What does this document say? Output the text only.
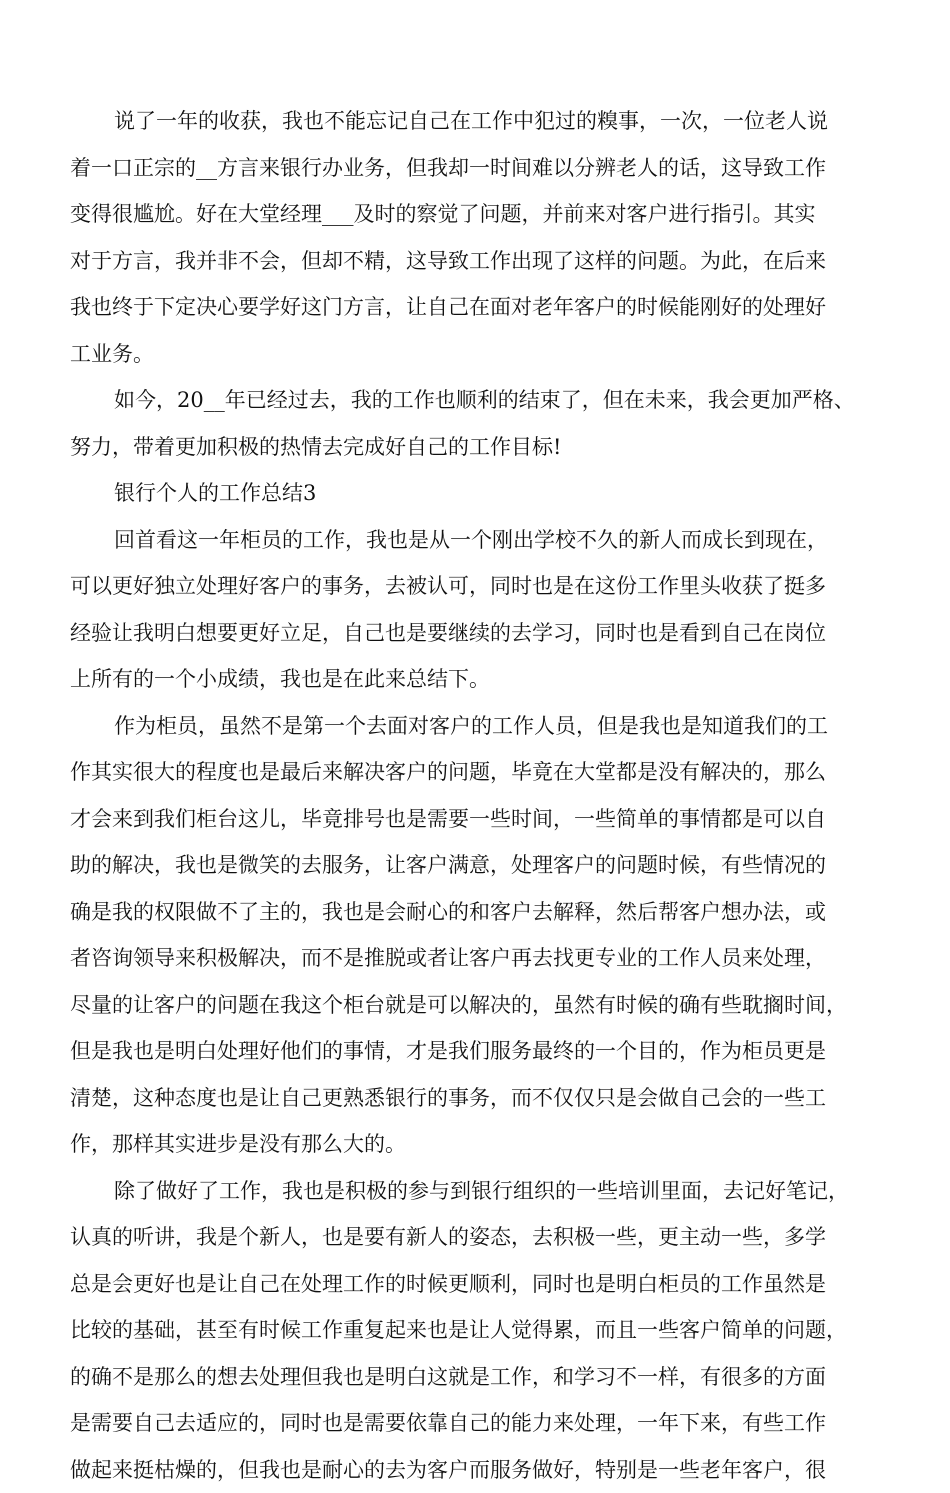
说了一年的收获，我也不能忘记自己在工作中犯过的糗事，一次，一位老人说
着一口正宗的__方言来银行办业务，但我却一时间难以分辨老人的话，这导致工作
变得很尴尬。好在大堂经理___及时的察觉了问题，并前来对客户进行指引。其实
对于方言，我并非不会，但却不精，这导致工作出现了这样的问题。为此，在后来
我也终于下定决心要学好这门方言，让自己在面对老年客户的时候能刚好的处理好
工业务。
如今，20__年已经过去，我的工作也顺利的结束了，但在未来，我会更加严格、
努力，带着更加积极的热情去完成好自己的工作目标!
银行个人的工作总结3
回首看这一年柜员的工作，我也是从一个刚出学校不久的新人而成长到现在，
可以更好独立处理好客户的事务，去被认可，同时也是在这份工作里头收获了挺多
经验让我明白想要更好立足，自己也是要继续的去学习，同时也是看到自己在岗位
上所有的一个小成绩，我也是在此来总结下。
作为柜员，虽然不是第一个去面对客户的工作人员，但是我也是知道我们的工
作其实很大的程度也是最后来解决客户的问题，毕竟在大堂都是没有解决的，那么
才会来到我们柜台这儿，毕竟排号也是需要一些时间，一些简单的事情都是可以自
助的解决，我也是微笑的去服务，让客户满意，处理客户的问题时候，有些情况的
确是我的权限做不了主的，我也是会耐心的和客户去解释，然后帮客户想办法，或
者咨询领导来积极解决，而不是推脱或者让客户再去找更专业的工作人员来处理，
尽量的让客户的问题在我这个柜台就是可以解决的，虽然有时候的确有些耽搁时间，
但是我也是明白处理好他们的事情，才是我们服务最终的一个目的，作为柜员更是
清楚，这种态度也是让自己更熟悉银行的事务，而不仅仅只是会做自己会的一些工
作，那样其实进步是没有那么大的。
除了做好了工作，我也是积极的参与到银行组织的一些培训里面，去记好笔记，
认真的听讲，我是个新人，也是要有新人的姿态，去积极一些，更主动一些，多学
总是会更好也是让自己在处理工作的时候更顺利，同时也是明白柜员的工作虽然是
比较的基础，甚至有时候工作重复起来也是让人觉得累，而且一些客户简单的问题，
的确不是那么的想去处理但我也是明白这就是工作，和学习不一样，有很多的方面
是需要自己去适应的，同时也是需要依靠自己的能力来处理，一年下来，有些工作
做起来挺枯燥的，但我也是耐心的去为客户而服务做好，特别是一些老年客户，很
